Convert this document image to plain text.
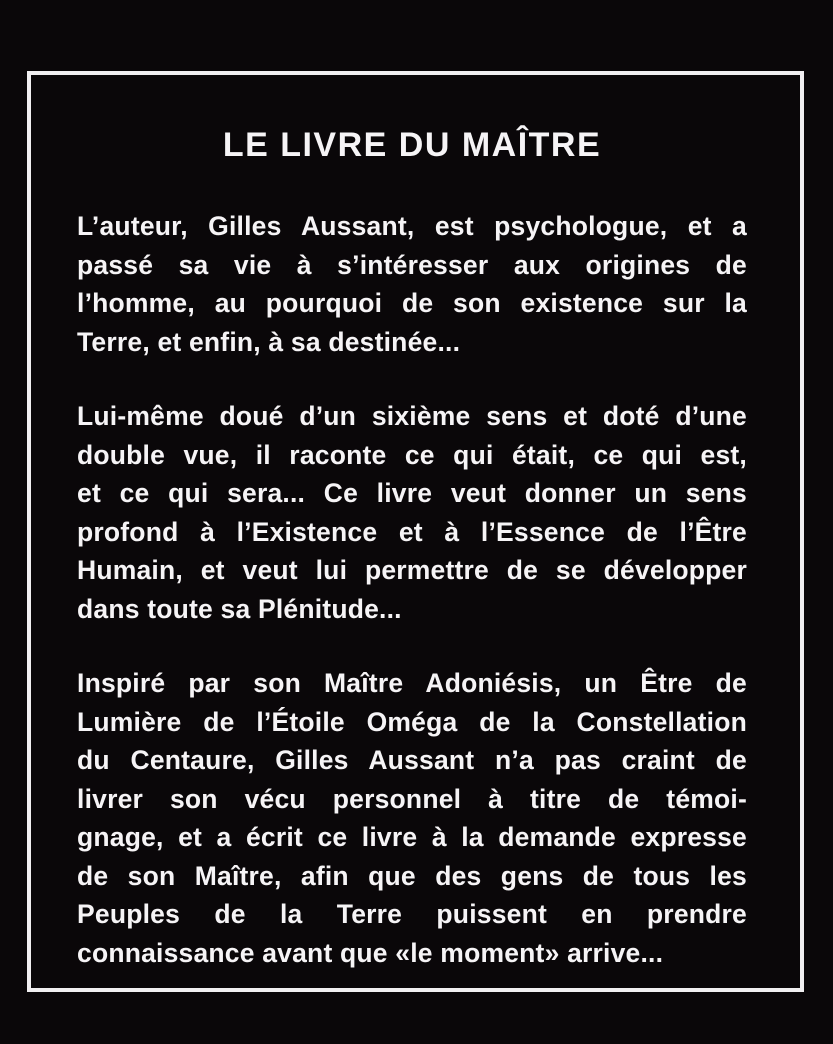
LE LIVRE DU MAÎTRE
L’auteur, Gilles Aussant, est psychologue, et a
passé sa vie à s’intéresser aux origines de
l’homme, au pourquoi de son existence sur la
Terre, et enfin, à sa destinée...
Lui-même doué d’un sixième sens et doté d’une
double vue, il raconte ce qui était, ce qui est,
et ce qui sera... Ce livre veut donner un sens
profond à l’Existence et à l’Essence de l’Être
Humain, et veut lui permettre de se développer
dans toute sa Plénitude...
Inspiré par son Maître Adoniésis, un Être de
Lumière de l’Étoile Oméga de la Constellation
du Centaure, Gilles Aussant n’a pas craint de
livrer son vécu personnel à titre de témoi-
gnage, et a écrit ce livre à la demande expresse
de son Maître, afin que des gens de tous les
Peuples de la Terre puissent en prendre
connaissance avant que «le moment» arrive...
